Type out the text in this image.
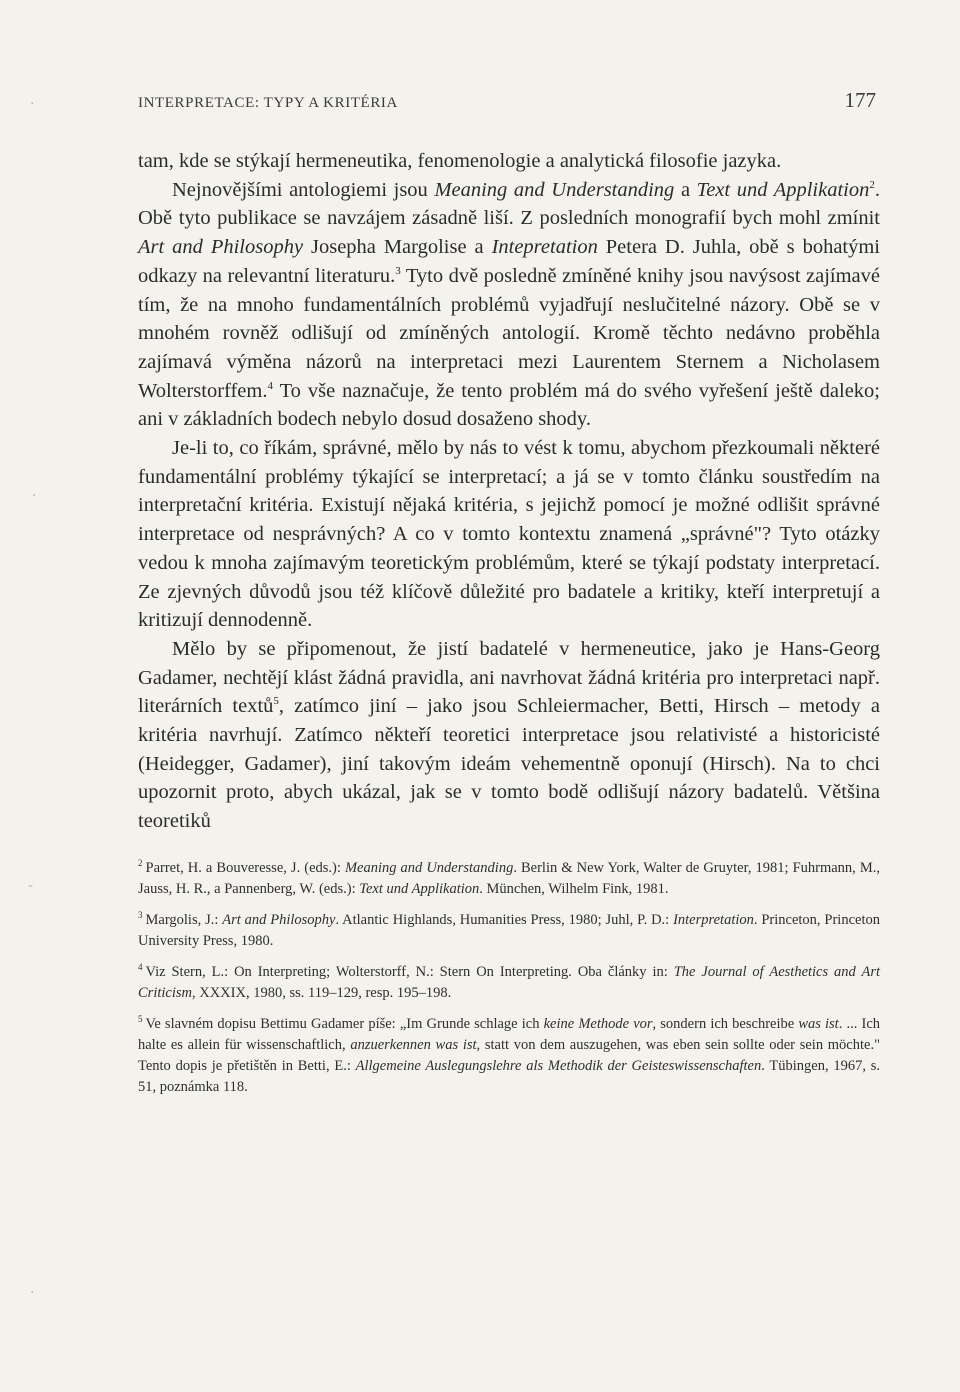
·
·
-
·
INTERPRETACE: TYPY A KRITÉRIA	177

tam, kde se stýkají hermeneutika, fenomenologie a analytická filosofie jazyka.

Nejnovějšími antologiemi jsou Meaning and Understanding a Text und Applikation$^2$. Obě tyto publikace se navzájem zásadně liší. Z posledních monografií bych mohl zmínit Art and Philosophy Josepha Margolise a Intepretation Petera D. Juhla, obě s bohatými odkazy na relevantní literaturu.$^3$ Tyto dvě posledně zmíněné knihy jsou navýsost zajímavé tím, že na mnoho fundamentálních problémů vyjadřují neslučitelné názory. Obě se v mnohém rovněž odlišují od zmíněných antologií. Kromě těchto nedávno proběhla zajímavá výměna názorů na interpretaci mezi Laurentem Sternem a Nicholasem Wolterstorffem.$^4$ To vše naznačuje, že tento problém má do svého vyřešení ještě daleko; ani v základních bodech nebylo dosud dosaženo shody.

Je-li to, co říkám, správné, mělo by nás to vést k tomu, abychom přezkoumali některé fundamentální problémy týkající se interpretací; a já se v tomto článku soustředím na interpretační kritéria. Existují nějaká kritéria, s jejichž pomocí je možné odlišit správné interpretace od nesprávných? A co v tomto kontextu znamená „správné"? Tyto otázky vedou k mnoha zajímavým teoretickým problémům, které se týkají podstaty interpretací. Ze zjevných důvodů jsou též klíčově důležité pro badatele a kritiky, kteří interpretují a kritizují dennodenně.

Mělo by se připomenout, že jistí badatelé v hermeneutice, jako je Hans-Georg Gadamer, nechtějí klást žádná pravidla, ani navrhovat žádná kritéria pro interpretaci např. literárních textů$^5$, zatímco jiní – jako jsou Schleiermacher, Betti, Hirsch – metody a kritéria navrhují. Zatímco někteří teoretici interpretace jsou relativisté a historicisté (Heidegger, Gadamer), jiní takovým ideám vehementně oponují (Hirsch). Na to chci upozornit proto, abych ukázal, jak se v tomto bodě odlišují názory badatelů. Většina teoretiků

$^2$ Parret, H. a Bouveresse, J. (eds.): Meaning and Understanding. Berlin & New York, Walter de Gruyter, 1981; Fuhrmann, M., Jauss, H. R., a Pannenberg, W. (eds.): Text und Applikation. München, Wilhelm Fink, 1981.

$^3$ Margolis, J.: Art and Philosophy. Atlantic Highlands, Humanities Press, 1980; Juhl, P. D.: Interpretation. Princeton, Princeton University Press, 1980.

$^4$ Viz Stern, L.: On Interpreting; Wolterstorff, N.: Stern On Interpreting. Oba články in: The Journal of Aesthetics and Art Criticism, XXXIX, 1980, ss. 119–129, resp. 195–198.

$^5$ Ve slavném dopisu Bettimu Gadamer píše: „Im Grunde schlage ich keine Methode vor, sondern ich beschreibe was ist. ... Ich halte es allein für wissenschaftlich, anzuerkennen was ist, statt von dem auszugehen, was eben sein sollte oder sein möchte." Tento dopis je přetištěn in Betti, E.: Allgemeine Auslegungslehre als Methodik der Geisteswissenschaften. Tübingen, 1967, s. 51, poznámka 118.
